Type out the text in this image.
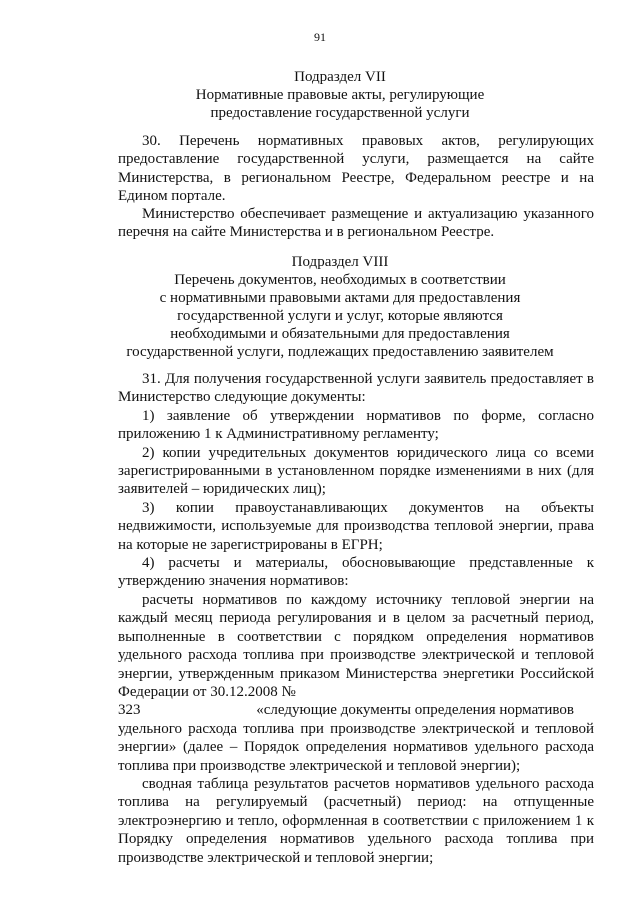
91
Подраздел VII
Нормативные правовые акты, регулирующие
предоставление государственной услуги
30. Перечень нормативных правовых актов, регулирующих предоставление государственной услуги, размещается на сайте Министерства, в региональном Реестре, Федеральном реестре и на Едином портале.
Министерство обеспечивает размещение и актуализацию указанного перечня на сайте Министерства и в региональном Реестре.
Подраздел VIII
Перечень документов, необходимых в соответствии
с нормативными правовыми актами для предоставления
государственной услуги и услуг, которые являются
необходимыми и обязательными для предоставления
государственной услуги, подлежащих предоставлению заявителем

31. Для получения государственной услуги заявитель предоставляет в Министерство следующие документы:

1) заявление об утверждении нормативов по форме, согласно приложению 1 к Административному регламенту;

2) копии учредительных документов юридического лица со всеми зарегистрированными в установленном порядке изменениями в них (для заявителей – юридических лиц);

3) копии правоустанавливающих документов на объекты недвижимости, используемые для производства тепловой энергии, права на которые не зарегистрированы в ЕГРН;

4) расчеты и материалы, обосновывающие представленные к утверждению значения нормативов:

расчеты нормативов по каждому источнику тепловой энергии на каждый месяц периода регулирования и в целом за расчетный период, выполненные в соответствии с порядком определения нормативов удельного расхода топлива при производстве электрической и тепловой энергии, утвержденным приказом Министерства энергетики Российской Федерации от 30.12.2008 №

323	«следующие документы определения нормативов
удельного расхода топлива при производстве электрической и тепловой энергии» (далее – Порядок определения нормативов удельного расхода топлива при производстве электрической и тепловой энергии);

сводная таблица результатов расчетов нормативов удельного расхода топлива на регулируемый (расчетный) период: на отпущенные электроэнергию и тепло, оформленная в соответствии с приложением 1 к Порядку определения нормативов удельного расхода топлива при производстве электрической и тепловой энергии;
